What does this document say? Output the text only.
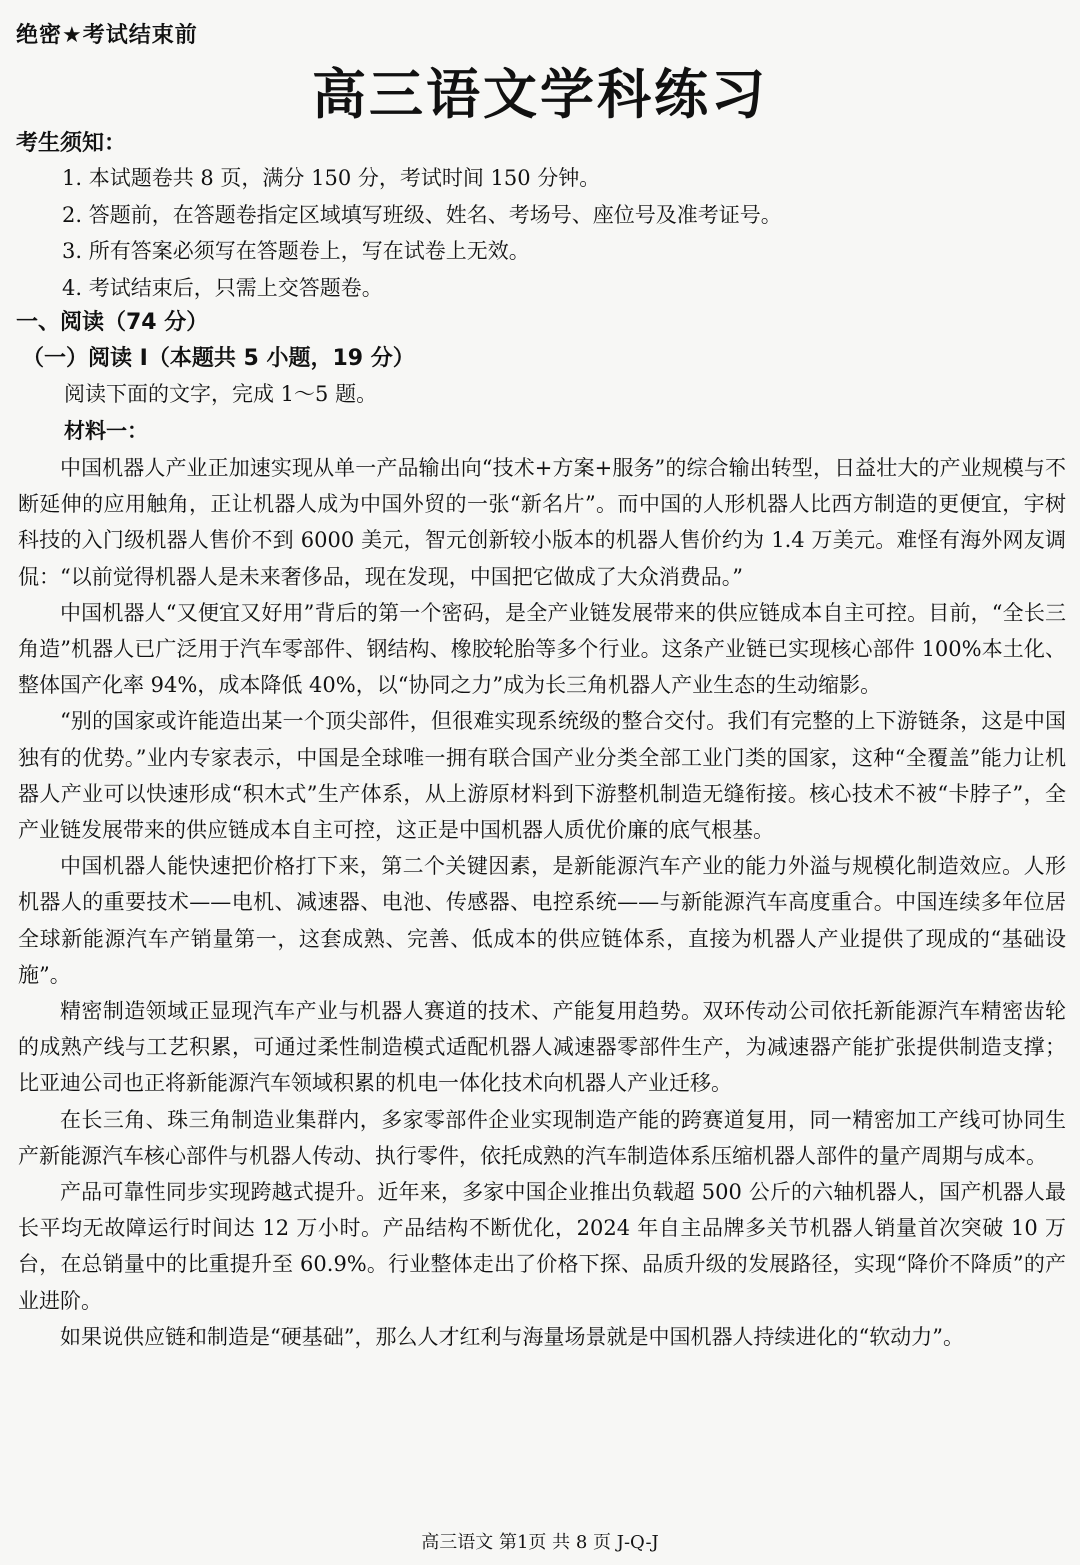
绝密★考试结束前
高三语文学科练习
考生须知：
1. 本试题卷共 8 页，满分 150 分，考试时间 150 分钟。
2. 答题前，在答题卷指定区域填写班级、姓名、考场号、座位号及准考证号。
3. 所有答案必须写在答题卷上，写在试卷上无效。
4. 考试结束后，只需上交答题卷。
一、阅读（74 分）
（一）阅读 I（本题共 5 小题，19 分）
阅读下面的文字，完成 1～5 题。
材料一：

中国机器人产业正加速实现从单一产品输出向“技术+方案+服务”的综合输出转型，日益壮大的产业规模与不断延伸的应用触角，正让机器人成为中国外贸的一张“新名片”。而中国的人形机器人比西方制造的更便宜，宇树科技的入门级机器人售价不到 6000 美元，智元创新较小版本的机器人售价约为 1.4 万美元。难怪有海外网友调侃：“以前觉得机器人是未来奢侈品，现在发现，中国把它做成了大众消费品。”

中国机器人“又便宜又好用”背后的第一个密码，是全产业链发展带来的供应链成本自主可控。目前，“全长三角造”机器人已广泛用于汽车零部件、钢结构、橡胶轮胎等多个行业。这条产业链已实现核心部件 100%本土化、整体国产化率 94%，成本降低 40%，以“协同之力”成为长三角机器人产业生态的生动缩影。

“别的国家或许能造出某一个顶尖部件，但很难实现系统级的整合交付。我们有完整的上下游链条，这是中国独有的优势。”业内专家表示，中国是全球唯一拥有联合国产业分类全部工业门类的国家，这种“全覆盖”能力让机器人产业可以快速形成“积木式”生产体系，从上游原材料到下游整机制造无缝衔接。核心技术不被“卡脖子”，全产业链发展带来的供应链成本自主可控，这正是中国机器人质优价廉的底气根基。

中国机器人能快速把价格打下来，第二个关键因素，是新能源汽车产业的能力外溢与规模化制造效应。人形机器人的重要技术——电机、减速器、电池、传感器、电控系统——与新能源汽车高度重合。中国连续多年位居全球新能源汽车产销量第一，这套成熟、完善、低成本的供应链体系，直接为机器人产业提供了现成的“基础设施”。

精密制造领域正显现汽车产业与机器人赛道的技术、产能复用趋势。双环传动公司依托新能源汽车精密齿轮的成熟产线与工艺积累，可通过柔性制造模式适配机器人减速器零部件生产，为减速器产能扩张提供制造支撑；比亚迪公司也正将新能源汽车领域积累的机电一体化技术向机器人产业迁移。

在长三角、珠三角制造业集群内，多家零部件企业实现制造产能的跨赛道复用，同一精密加工产线可协同生产新能源汽车核心部件与机器人传动、执行零件，依托成熟的汽车制造体系压缩机器人部件的量产周期与成本。

产品可靠性同步实现跨越式提升。近年来，多家中国企业推出负载超 500 公斤的六轴机器人，国产机器人最长平均无故障运行时间达 12 万小时。产品结构不断优化，2024 年自主品牌多关节机器人销量首次突破 10 万台，在总销量中的比重提升至 60.9%。行业整体走出了价格下探、品质升级的发展路径，实现“降价不降质”的产业进阶。

如果说供应链和制造是“硬基础”，那么人才红利与海量场景就是中国机器人持续进化的“软动力”。

高三语文 第1页 共 8 页 J-Q-J
